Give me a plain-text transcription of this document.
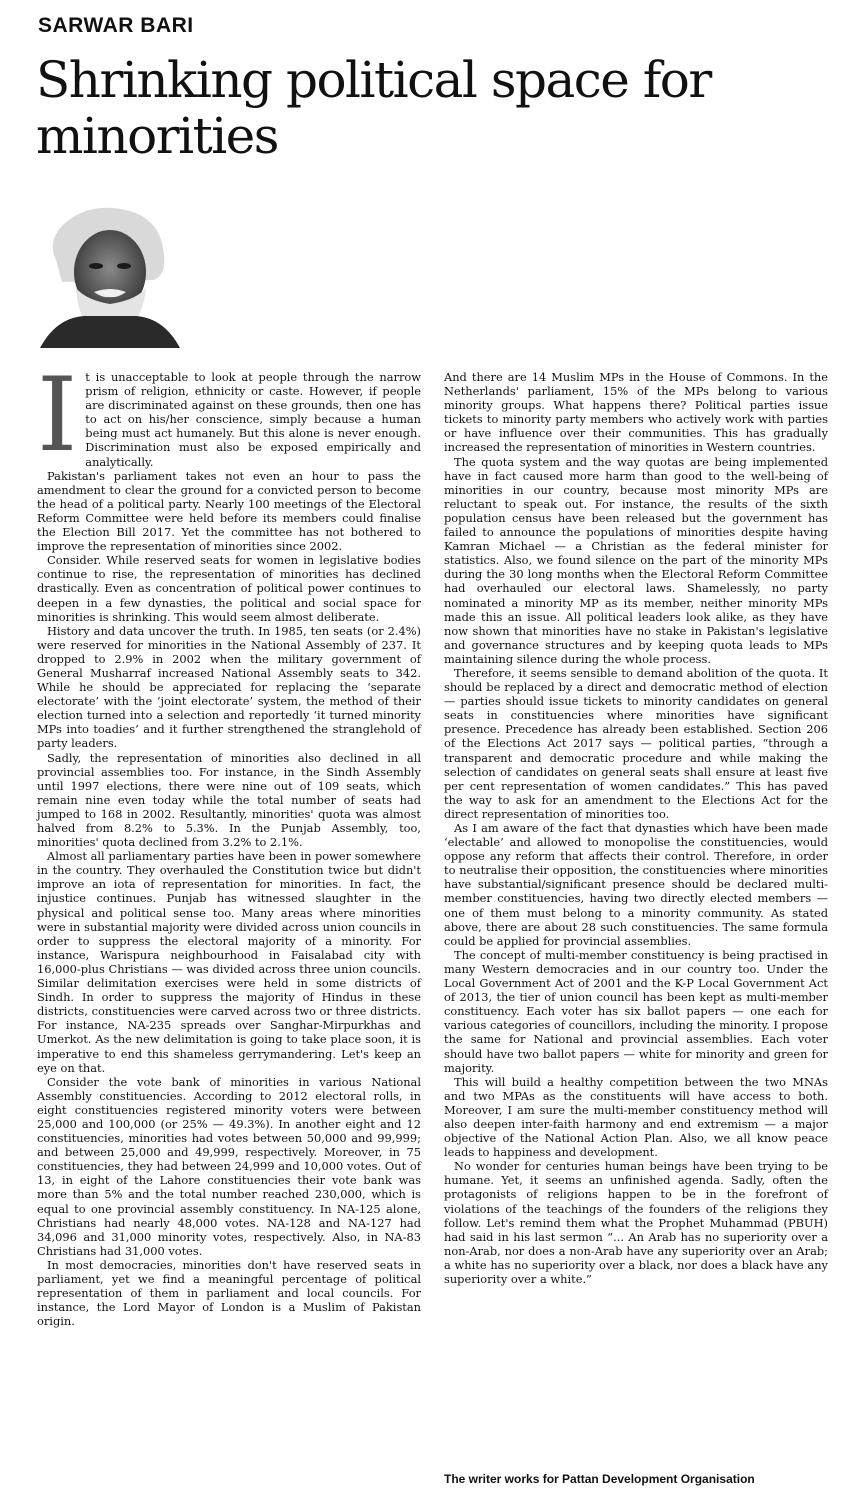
SARWAR BARI
Shrinking political space for minorities
I t is unacceptable to look at people through the narrow prism of religion, ethnicity or caste. However, if people are discriminated against on these grounds, then one has to act on his/her conscience, simply because a human being must act humanely. But this alone is never enough. Discrimination must also be exposed empirically and analytically.

Pakistan's parliament takes not even an hour to pass the amendment to clear the ground for a convicted person to become the head of a political party. Nearly 100 meetings of the Electoral Reform Committee were held before its members could finalise the Election Bill 2017. Yet the committee has not bothered to improve the representation of minorities since 2002.

Consider. While reserved seats for women in legislative bodies continue to rise, the representation of minorities has declined drastically. Even as concentration of political power continues to deepen in a few dynasties, the political and social space for minorities is shrinking. This would seem almost deliberate.

History and data uncover the truth. In 1985, ten seats (or 2.4%) were reserved for minorities in the National Assembly of 237. It dropped to 2.9% in 2002 when the military government of General Musharraf increased National Assembly seats to 342. While he should be appreciated for replacing the ‘separate electorate’ with the ‘joint electorate’ system, the method of their election turned into a selection and reportedly ‘it turned minority MPs into toadies’ and it further strengthened the stranglehold of party leaders.

Sadly, the representation of minorities also declined in all provincial assemblies too. For instance, in the Sindh Assembly until 1997 elections, there were nine out of 109 seats, which remain nine even today while the total number of seats had jumped to 168 in 2002. Resultantly, minorities' quota was almost halved from 8.2% to 5.3%. In the Punjab Assembly, too, minorities' quota declined from 3.2% to 2.1%.

Almost all parliamentary parties have been in power somewhere in the country. They overhauled the Constitution twice but didn't improve an iota of representation for minorities. In fact, the injustice continues. Punjab has witnessed slaughter in the physical and political sense too. Many areas where minorities were in substantial majority were divided across union councils in order to suppress the electoral majority of a minority. For instance, Warispura neighbourhood in Faisalabad city with 16,000-plus Christians — was divided across three union councils. Similar delimitation exercises were held in some districts of Sindh. In order to suppress the majority of Hindus in these districts, constituencies were carved across two or three districts. For instance, NA-235 spreads over Sanghar-Mirpurkhas and Umerkot. As the new delimitation is going to take place soon, it is imperative to end this shameless gerrymandering. Let's keep an eye on that.

Consider the vote bank of minorities in various National Assembly constituencies. According to 2012 electoral rolls, in eight constituencies registered minority voters were between 25,000 and 100,000 (or 25% — 49.3%). In another eight and 12 constituencies, minorities had votes between 50,000 and 99,999; and between 25,000 and 49,999, respectively. Moreover, in 75 constituencies, they had between 24,999 and 10,000 votes. Out of 13, in eight of the Lahore constituencies their vote bank was more than 5% and the total number reached 230,000, which is equal to one provincial assembly constituency. In NA-125 alone, Christians had nearly 48,000 votes. NA-128 and NA-127 had 34,096 and 31,000 minority votes, respectively. Also, in NA-83 Christians had 31,000 votes.

In most democracies, minorities don't have reserved seats in parliament, yet we find a meaningful percentage of political representation of them in parliament and local councils. For instance, the Lord Mayor of London is a Muslim of Pakistan origin.

And there are 14 Muslim MPs in the House of Commons. In the Netherlands' parliament, 15% of the MPs belong to various minority groups. What happens there? Political parties issue tickets to minority party members who actively work with parties or have influence over their communities. This has gradually increased the representation of minorities in Western countries.

The quota system and the way quotas are being implemented have in fact caused more harm than good to the well-being of minorities in our country, because most minority MPs are reluctant to speak out. For instance, the results of the sixth population census have been released but the government has failed to announce the populations of minorities despite having Kamran Michael — a Christian as the federal minister for statistics. Also, we found silence on the part of the minority MPs during the 30 long months when the Electoral Reform Committee had overhauled our electoral laws. Shamelessly, no party nominated a minority MP as its member, neither minority MPs made this an issue. All political leaders look alike, as they have now shown that minorities have no stake in Pakistan's legislative and governance structures and by keeping quota leads to MPs maintaining silence during the whole process.

Therefore, it seems sensible to demand abolition of the quota. It should be replaced by a direct and democratic method of election — parties should issue tickets to minority candidates on general seats in constituencies where minorities have significant presence. Precedence has already been established. Section 206 of the Elections Act 2017 says — political parties, “through a transparent and democratic procedure and while making the selection of candidates on general seats shall ensure at least five per cent representation of women candidates.” This has paved the way to ask for an amendment to the Elections Act for the direct representation of minorities too.

As I am aware of the fact that dynasties which have been made ‘electable’ and allowed to monopolise the constituencies, would oppose any reform that affects their control. Therefore, in order to neutralise their opposition, the constituencies where minorities have substantial/significant presence should be declared multi-member constituencies, having two directly elected members — one of them must belong to a minority community. As stated above, there are about 28 such constituencies. The same formula could be applied for provincial assemblies.

The concept of multi-member constituency is being practised in many Western democracies and in our country too. Under the Local Government Act of 2001 and the K-P Local Government Act of 2013, the tier of union council has been kept as multi-member constituency. Each voter has six ballot papers — one each for various categories of councillors, including the minority. I propose the same for National and provincial assemblies. Each voter should have two ballot papers — white for minority and green for majority.

This will build a healthy competition between the two MNAs and two MPAs as the constituents will have access to both. Moreover, I am sure the multi-member constituency method will also deepen inter-faith harmony and end extremism — a major objective of the National Action Plan. Also, we all know peace leads to happiness and development.

No wonder for centuries human beings have been trying to be humane. Yet, it seems an unfinished agenda. Sadly, often the protagonists of religions happen to be in the forefront of violations of the teachings of the founders of the religions they follow. Let's remind them what the Prophet Muhammad (PBUH) had said in his last sermon “... An Arab has no superiority over a non-Arab, nor does a non-Arab have any superiority over an Arab; a white has no superiority over a black, nor does a black have any superiority over a white.”

The writer works for Pattan Development Organisation
